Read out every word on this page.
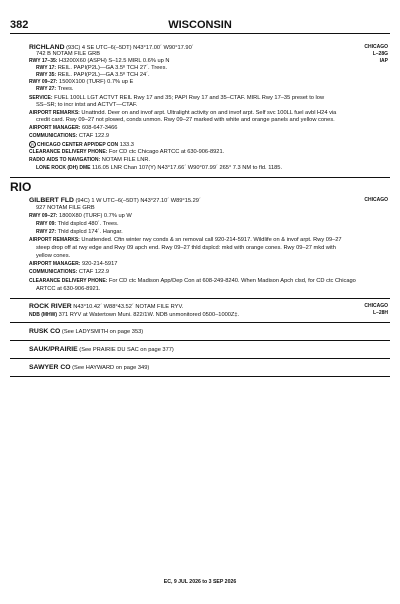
382	WISCONSIN
RICHLAND (93C) 4 SE UTC–6(–5DT) N43°17.00´ W90°17.90´
742 B NOTAM FILE GRB
CHICAGO
L–28G
IAP
RWY 17–35: H3200X60 (ASPH) S–12.5 MIRL 0.6% up N
RWY 17: REIL. PAPI(P2L)—GA 3.5º TCH 27´. Trees.
RWY 35: REIL. PAPI(P2L)—GA 3.5º TCH 24´.
RWY 09–27: 1500X100 (TURF) 0.7% up E
RWY 27: Trees.
SERVICE: FUEL 100LL LGT ACTVT REIL Rwy 17 and 35; PAPI Rwy 17 and 35–CTAF. MIRL Rwy 17–35 preset to low
SS–SR; to incr intst and ACTVT—CTAF.
AIRPORT REMARKS: Unattndd. Deer on and invof arpt. Ultralight activity on and invof arpt. Self svc 100LL fuel avbl H24 via
credit card. Rwy 09–27 not plowed, conds unmon. Rwy 09–27 marked with white and orange panels and yellow cones.
AIRPORT MANAGER: 608-647-3466
COMMUNICATIONS: CTAF 122.9
R CHICAGO CENTER APP/DEP CON 133.3
CLEARANCE DELIVERY PHONE: For CD ctc Chicago ARTCC at 630-906-8921.
RADIO AIDS TO NAVIGATION: NOTAM FILE LNR.
LONE ROCK (DH) DME 116.05 LNR Chan 107(Y) N43°17.66´ W90°07.99´ 265° 7.3 NM to fld. 1185.
RIO
GILBERT FLD (94C) 1 W UTC–6(–5DT) N43°27.10´ W89°15.29´
927 NOTAM FILE GRB
CHICAGO
RWY 09–27: 1800X80 (TURF) 0.7% up W
RWY 09: Thld dsplcd 480´. Trees.
RWY 27: Thld dsplcd 174´. Hangar.
AIRPORT REMARKS: Unattended. Cftn winter rwy conds & sn removal call 920-214-5917. Wildlife on & invof arpt. Rwy 09–27
steep drop off at rwy edge and Rwy 09 apch end. Rwy 09–27 thld dsplcd: mkd with orange cones. Rwy 09–27 mkd with
yellow cones.
AIRPORT MANAGER: 920-214-5917
COMMUNICATIONS: CTAF 122.9
CLEARANCE DELIVERY PHONE: For CD ctc Madison App/Dep Con at 608-249-8240. When Madison Apch clsd, for CD ctc Chicago
ARTCC at 630-906-8921.
ROCK RIVER N43°10.42´ W88°43.52´ NOTAM FILE RYV.
NDB (MHW) 371 RYV at Watertown Muni. 822/1W. NDB unmonitored 0500–1000Z‡.
CHICAGO
L–28H
RUSK CO (See LADYSMITH on page 353)
SAUK/PRAIRIE (See PRAIRIE DU SAC on page 377)
SAWYER CO (See HAYWARD on page 349)
EC, 9 JUL 2026 to 3 SEP 2026
